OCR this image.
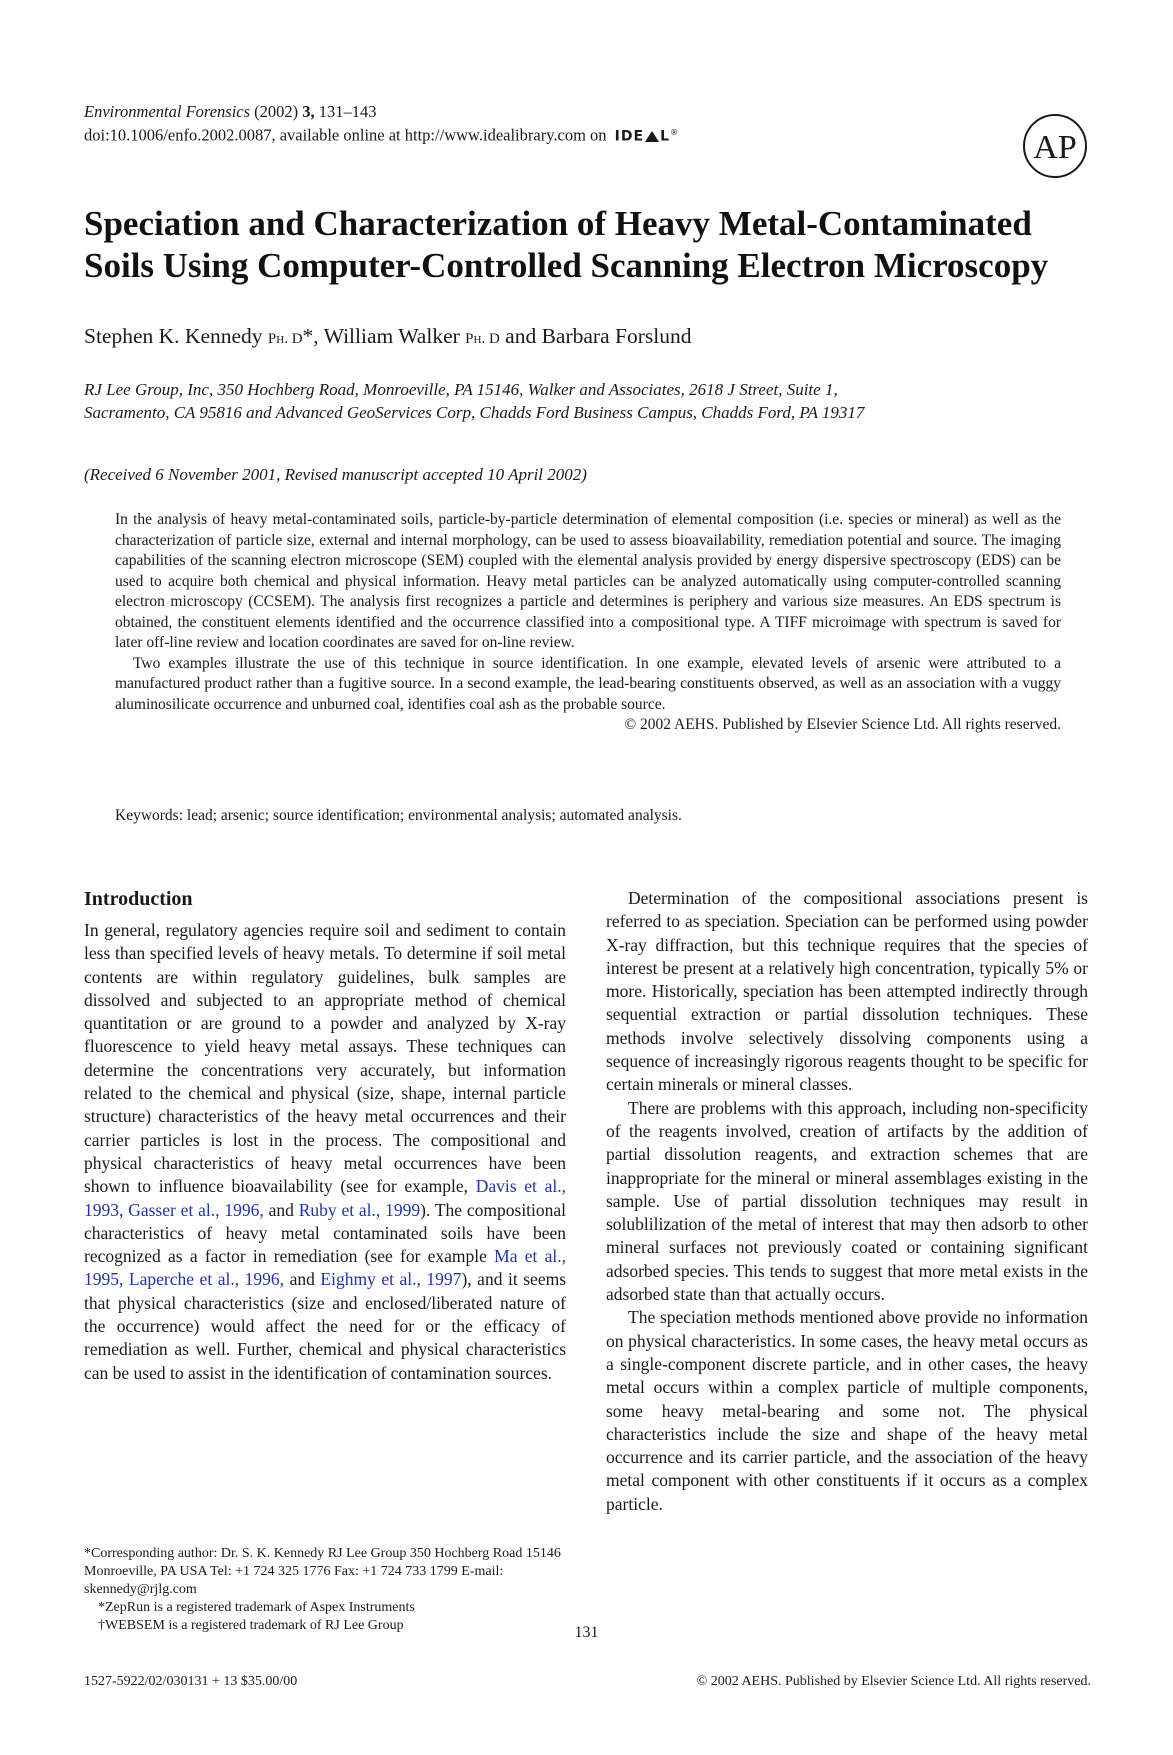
Environmental Forensics (2002) 3, 131–143
doi:10.1006/enfo.2002.0087, available online at http://www.idealibrary.com on IDE L®	AP
Speciation and Characterization of Heavy Metal-Contaminated
Soils Using Computer-Controlled Scanning Electron Microscopy
Stephen K. Kennedy Ph. D*, William Walker Ph. D and Barbara Forslund
RJ Lee Group, Inc, 350 Hochberg Road, Monroeville, PA 15146, Walker and Associates, 2618 J Street, Suite 1,
Sacramento, CA 95816 and Advanced GeoServices Corp, Chadds Ford Business Campus, Chadds Ford, PA 19317
(Received 6 November 2001, Revised manuscript accepted 10 April 2002)

In the analysis of heavy metal-contaminated soils, particle-by-particle determination of elemental composition (i.e. species or mineral) as well as the characterization of particle size, external and internal morphology, can be used to assess bioavailability, remediation potential and source. The imaging capabilities of the scanning electron microscope (SEM) coupled with the elemental analysis provided by energy dispersive spectroscopy (EDS) can be used to acquire both chemical and physical information. Heavy metal particles can be analyzed automatically using computer-controlled scanning electron microscopy (CCSEM). The analysis first recognizes a particle and determines is periphery and various size measures. An EDS spectrum is obtained, the constituent elements identified and the occurrence classified into a compositional type. A TIFF microimage with spectrum is saved for later off-line review and location coordinates are saved for on-line review.

Two examples illustrate the use of this technique in source identification. In one example, elevated levels of arsenic were attributed to a manufactured product rather than a fugitive source. In a second example, the lead-bearing constituents observed, as well as an association with a vuggy aluminosilicate occurrence and unburned coal, identifies coal ash as the probable source.
© 2002 AEHS. Published by Elsevier Science Ltd. All rights reserved.

Keywords: lead; arsenic; source identification; environmental analysis; automated analysis.
Introduction

In general, regulatory agencies require soil and sediment to contain less than specified levels of heavy metals. To determine if soil metal contents are within regulatory guidelines, bulk samples are dissolved and subjected to an appropriate method of chemical quantitation or are ground to a powder and analyzed by X-ray fluorescence to yield heavy metal assays. These techniques can determine the concentrations very accurately, but information related to the chemical and physical (size, shape, internal particle structure) characteristics of the heavy metal occurrences and their carrier particles is lost in the process. The compositional and physical characteristics of heavy metal occurrences have been shown to influence bioavailability (see for example, Davis et al., 1993, Gasser et al., 1996, and Ruby et al., 1999). The compositional characteristics of heavy metal contaminated soils have been recognized as a factor in remediation (see for example Ma et al., 1995, Laperche et al., 1996, and Eighmy et al., 1997), and it seems that physical characteristics (size and enclosed/liberated nature of the occurrence) would affect the need for or the efficacy of remediation as well. Further, chemical and physical characteristics can be used to assist in the identification of contamination sources.

*Corresponding author: Dr. S. K. Kennedy RJ Lee Group 350 Hochberg Road 15146 Monroeville, PA USA Tel: +1 724 325 1776 Fax: +1 724 733 1799 E-mail: skennedy@rjlg.com

*ZepRun is a registered trademark of Aspex Instruments

†WEBSEM is a registered trademark of RJ Lee Group

Determination of the compositional associations present is referred to as speciation. Speciation can be performed using powder X-ray diffraction, but this technique requires that the species of interest be present at a relatively high concentration, typically 5% or more. Historically, speciation has been attempted indirectly through sequential extraction or partial dissolution techniques. These methods involve selectively dissolving components using a sequence of increasingly rigorous reagents thought to be specific for certain minerals or mineral classes.

There are problems with this approach, including non-specificity of the reagents involved, creation of artifacts by the addition of partial dissolution reagents, and extraction schemes that are inappropriate for the mineral or mineral assemblages existing in the sample. Use of partial dissolution techniques may result in solublilization of the metal of interest that may then adsorb to other mineral surfaces not previously coated or containing significant adsorbed species. This tends to suggest that more metal exists in the adsorbed state than that actually occurs.

The speciation methods mentioned above provide no information on physical characteristics. In some cases, the heavy metal occurs as a single-component discrete particle, and in other cases, the heavy metal occurs within a complex particle of multiple components, some heavy metal-bearing and some not. The physical characteristics include the size and shape of the heavy metal occurrence and its carrier particle, and the association of the heavy metal component with other constituents if it occurs as a complex particle.

131
1527-5922/02/030131 + 13 $35.00/00	© 2002 AEHS. Published by Elsevier Science Ltd. All rights reserved.
